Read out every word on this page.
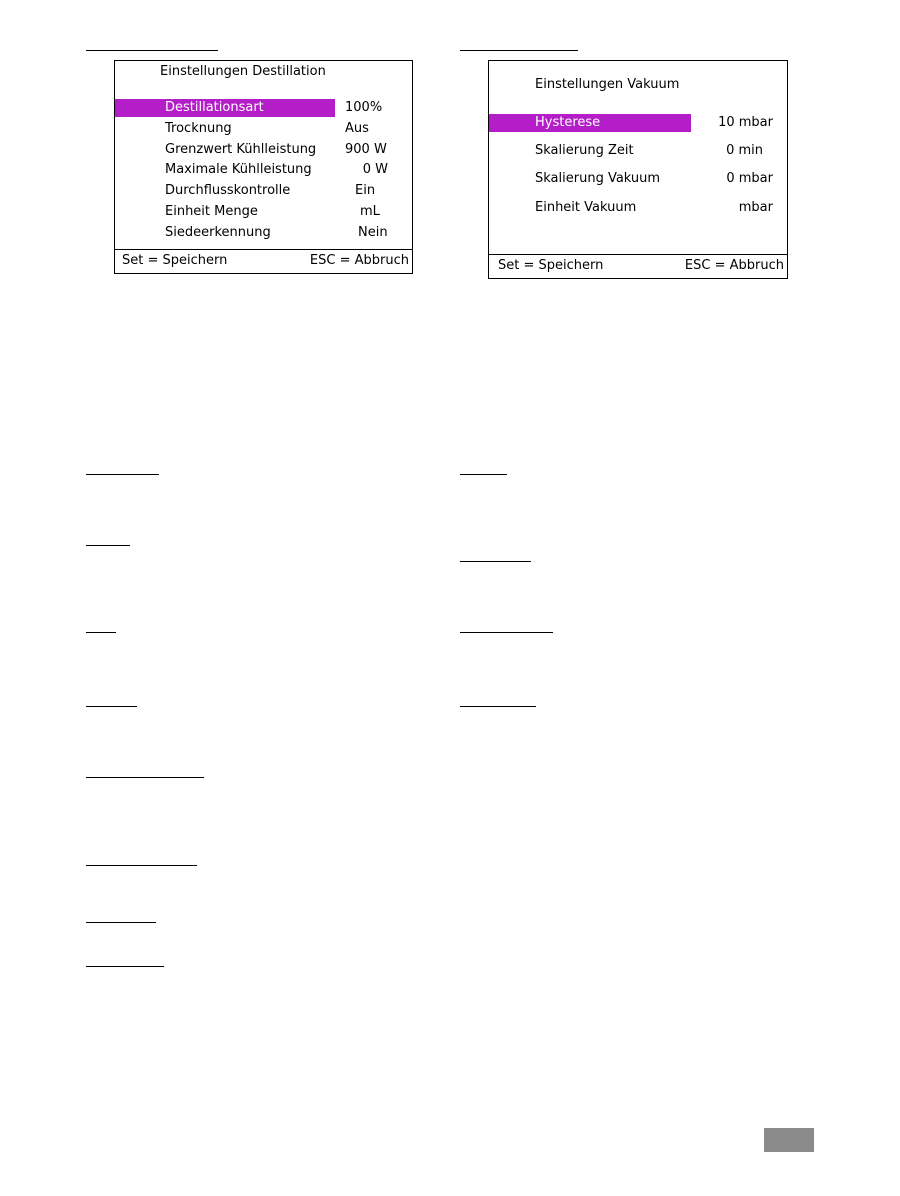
Einstellungen Destillation
Destillationsart	100%
Trocknung	Aus
Grenzwert Kühlleistung 900 W
Maximale Kühlleistung	0 W
Durchflusskontrolle	Ein
Einheit Menge	mL
Siedeerkennung	Nein
Set = Speichern	ESC = Abbruch
Einstellungen Vakuum
Hysterese	10 mbar
Skalierung Zeit	0 min
Skalierung Vakuum	0 mbar
Einheit Vakuum	mbar
Set = Speichern	ESC = Abbruch
